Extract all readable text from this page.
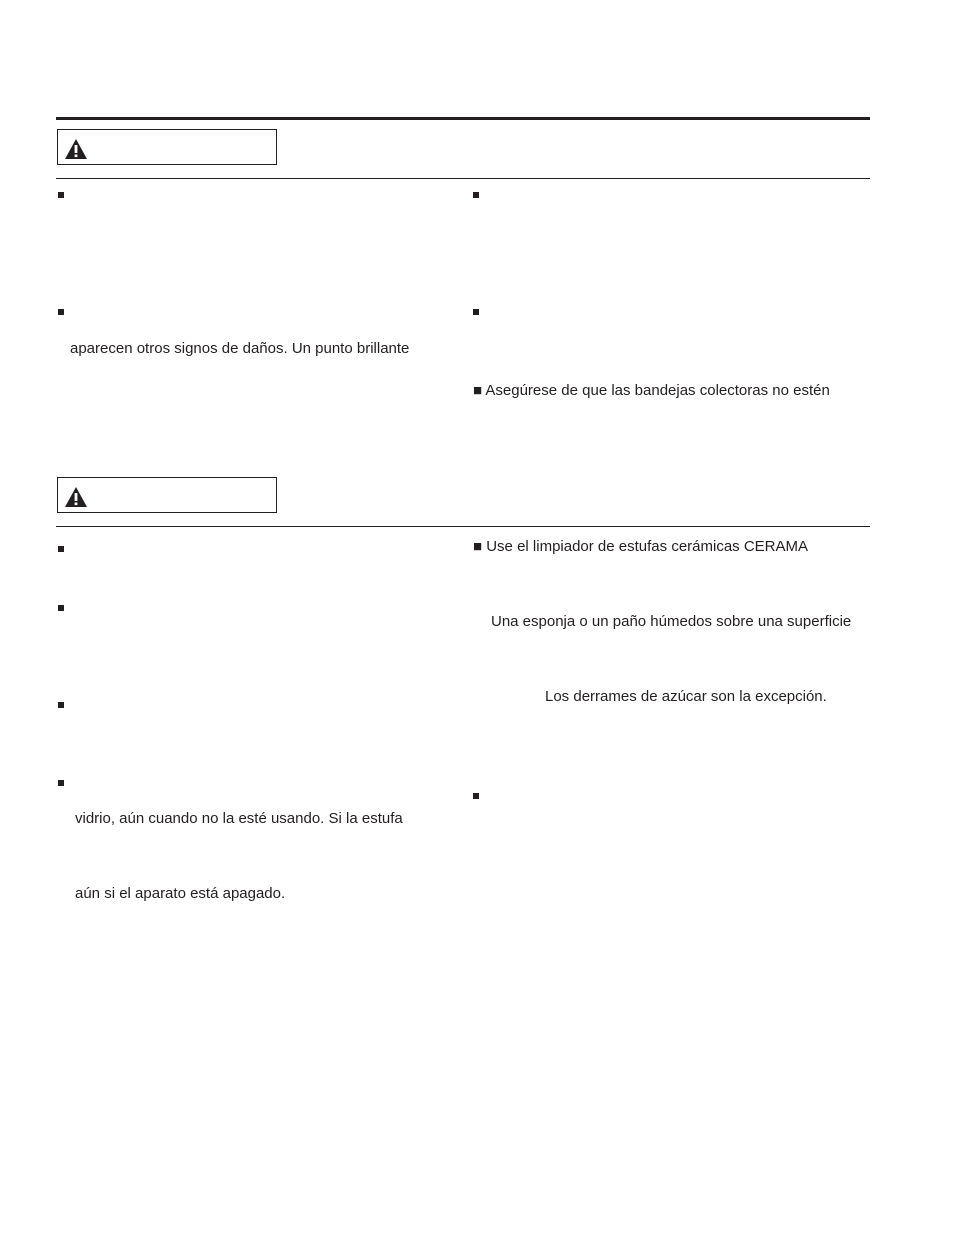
aparecen otros signos de daños. Un punto brillante
■ Asegúrese de que las bandejas colectoras no estén
vidrio, aún cuando no la esté usando. Si la estufa
aún si el aparato está apagado.
■ Use el limpiador de estufas cerámicas CERAMA
Una esponja o un paño húmedos sobre una superficie
Los derrames de azúcar son la excepción.
